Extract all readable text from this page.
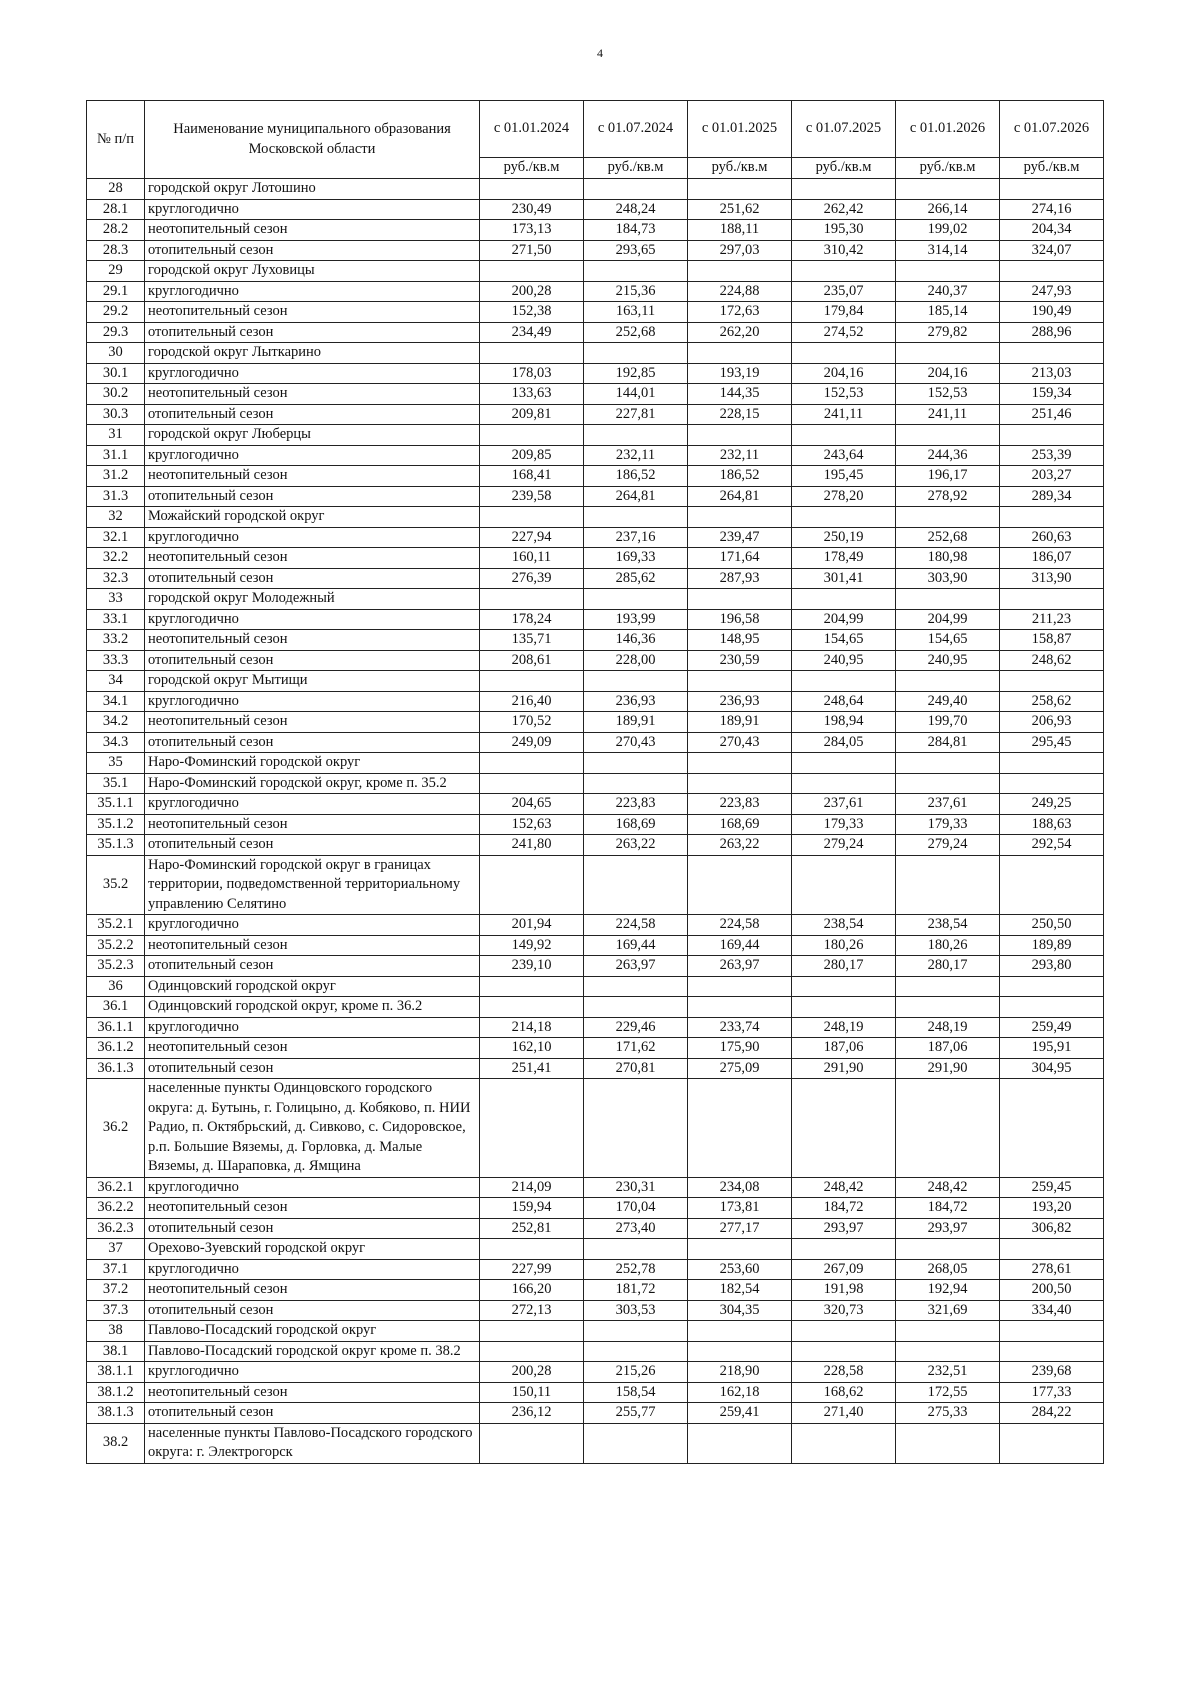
4
№ п/п	Наименование муниципального образования Московской области	с 01.01.2024	с 01.07.2024	с 01.01.2025	с 01.07.2025	с 01.01.2026	с 01.07.2026
		руб./кв.м	руб./кв.м	руб./кв.м	руб./кв.м	руб./кв.м	руб./кв.м
28	городской округ Лотошино						
28.1	круглогодично	230,49	248,24	251,62	262,42	266,14	274,16
28.2	неотопительный сезон	173,13	184,73	188,11	195,30	199,02	204,34
28.3	отопительный сезон	271,50	293,65	297,03	310,42	314,14	324,07
29	городской округ Луховицы						
29.1	круглогодично	200,28	215,36	224,88	235,07	240,37	247,93
29.2	неотопительный сезон	152,38	163,11	172,63	179,84	185,14	190,49
29.3	отопительный сезон	234,49	252,68	262,20	274,52	279,82	288,96
30	городской округ Лыткарино						
30.1	круглогодично	178,03	192,85	193,19	204,16	204,16	213,03
30.2	неотопительный сезон	133,63	144,01	144,35	152,53	152,53	159,34
30.3	отопительный сезон	209,81	227,81	228,15	241,11	241,11	251,46
31	городской округ Люберцы						
31.1	круглогодично	209,85	232,11	232,11	243,64	244,36	253,39
31.2	неотопительный сезон	168,41	186,52	186,52	195,45	196,17	203,27
31.3	отопительный сезон	239,58	264,81	264,81	278,20	278,92	289,34
32	Можайский городской округ						
32.1	круглогодично	227,94	237,16	239,47	250,19	252,68	260,63
32.2	неотопительный сезон	160,11	169,33	171,64	178,49	180,98	186,07
32.3	отопительный сезон	276,39	285,62	287,93	301,41	303,90	313,90
33	городской округ Молодежный						
33.1	круглогодично	178,24	193,99	196,58	204,99	204,99	211,23
33.2	неотопительный сезон	135,71	146,36	148,95	154,65	154,65	158,87
33.3	отопительный сезон	208,61	228,00	230,59	240,95	240,95	248,62
34	городской округ Мытищи						
34.1	круглогодично	216,40	236,93	236,93	248,64	249,40	258,62
34.2	неотопительный сезон	170,52	189,91	189,91	198,94	199,70	206,93
34.3	отопительный сезон	249,09	270,43	270,43	284,05	284,81	295,45
35	Наро-Фоминский городской округ						
35.1	Наро-Фоминский городской округ, кроме п. 35.2						
35.1.1	круглогодично	204,65	223,83	223,83	237,61	237,61	249,25
35.1.2	неотопительный сезон	152,63	168,69	168,69	179,33	179,33	188,63
35.1.3	отопительный сезон	241,80	263,22	263,22	279,24	279,24	292,54
35.2	Наро-Фоминский городской округ в границах территории, подведомственной территориальному управлению Селятино						
35.2.1	круглогодично	201,94	224,58	224,58	238,54	238,54	250,50
35.2.2	неотопительный сезон	149,92	169,44	169,44	180,26	180,26	189,89
35.2.3	отопительный сезон	239,10	263,97	263,97	280,17	280,17	293,80
36	Одинцовский городской округ						
36.1	Одинцовский городской округ, кроме п. 36.2						
36.1.1	круглогодично	214,18	229,46	233,74	248,19	248,19	259,49
36.1.2	неотопительный сезон	162,10	171,62	175,90	187,06	187,06	195,91
36.1.3	отопительный сезон	251,41	270,81	275,09	291,90	291,90	304,95
36.2	населенные пункты Одинцовского городского округа: д. Бутынь, г. Голицыно, д. Кобяково, п. НИИ Радио, п. Октябрьский, д. Сивково, с. Сидоровское, р.п. Большие Вяземы, д. Горловка, д. Малые Вяземы, д. Шараповка, д. Ямщина						
36.2.1	круглогодично	214,09	230,31	234,08	248,42	248,42	259,45
36.2.2	неотопительный сезон	159,94	170,04	173,81	184,72	184,72	193,20
36.2.3	отопительный сезон	252,81	273,40	277,17	293,97	293,97	306,82
37	Орехово-Зуевский городской округ						
37.1	круглогодично	227,99	252,78	253,60	267,09	268,05	278,61
37.2	неотопительный сезон	166,20	181,72	182,54	191,98	192,94	200,50
37.3	отопительный сезон	272,13	303,53	304,35	320,73	321,69	334,40
38	Павлово-Посадский городской округ						
38.1	Павлово-Посадский городской округ кроме п. 38.2						
38.1.1	круглогодично	200,28	215,26	218,90	228,58	232,51	239,68
38.1.2	неотопительный сезон	150,11	158,54	162,18	168,62	172,55	177,33
38.1.3	отопительный сезон	236,12	255,77	259,41	271,40	275,33	284,22
38.2	населенные пункты Павлово-Посадского городского округа: г. Электрогорск						
